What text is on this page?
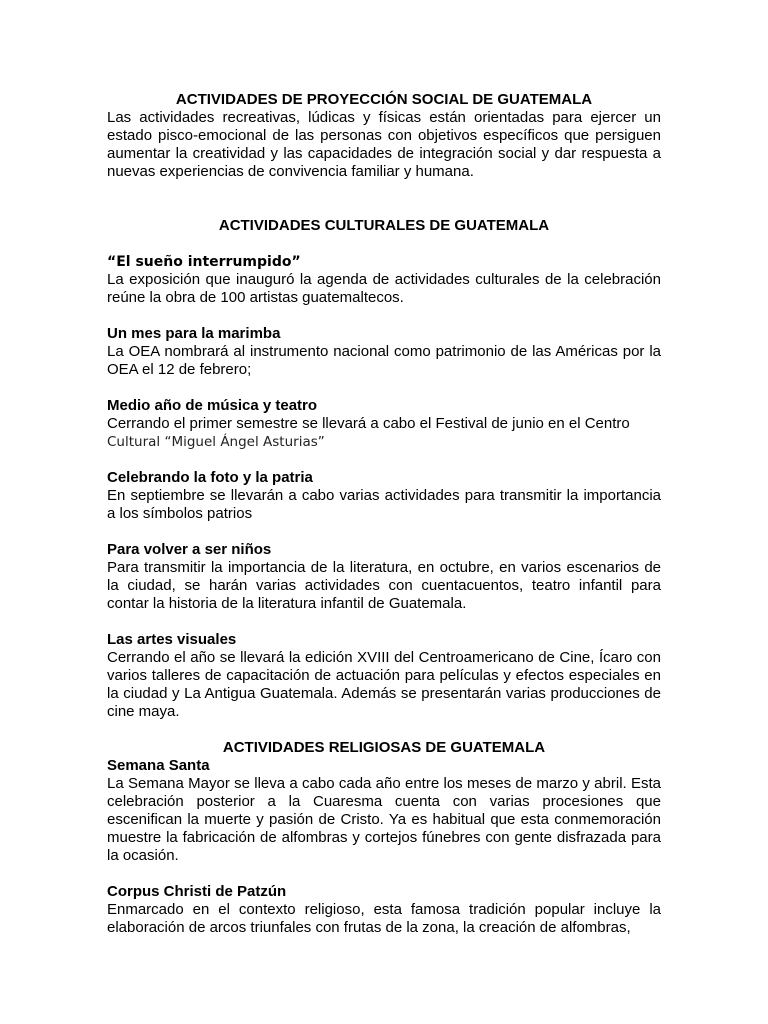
ACTIVIDADES DE PROYECCIÓN SOCIAL DE GUATEMALA

Las actividades recreativas, lúdicas y físicas están orientadas para ejercer un estado pisco-emocional de las personas con objetivos específicos que persiguen aumentar la creatividad y las capacidades de integración social y dar respuesta a nuevas experiencias de convivencia familiar y humana.

ACTIVIDADES CULTURALES DE GUATEMALA

“El sueño interrumpido”

La exposición que inauguró la agenda de actividades culturales de la celebración reúne la obra de 100 artistas guatemaltecos.

Un mes para la marimba

La OEA nombrará al instrumento nacional como patrimonio de las Américas por la OEA el 12 de febrero;

Medio año de música y teatro

Cerrando el primer semestre se llevará a cabo el Festival de junio en el Centro
Cultural “Miguel Ángel Asturias”

Celebrando la foto y la patria

En septiembre se llevarán a cabo varias actividades para transmitir la importancia a los símbolos patrios

Para volver a ser niños

Para transmitir la importancia de la literatura, en octubre, en varios escenarios de la ciudad, se harán varias actividades con cuentacuentos, teatro infantil para contar la historia de la literatura infantil de Guatemala.

Las artes visuales

Cerrando el año se llevará la edición XVIII del Centroamericano de Cine, Ícaro con varios talleres de capacitación de actuación para películas y efectos especiales en la ciudad y La Antigua Guatemala. Además se presentarán varias producciones de cine maya.

ACTIVIDADES RELIGIOSAS DE GUATEMALA

Semana Santa

La Semana Mayor se lleva a cabo cada año entre los meses de marzo y abril. Esta celebración posterior a la Cuaresma cuenta con varias procesiones que escenifican la muerte y pasión de Cristo. Ya es habitual que esta conmemoración muestre la fabricación de alfombras y cortejos fúnebres con gente disfrazada para la ocasión.

Corpus Christi de Patzún

Enmarcado en el contexto religioso, esta famosa tradición popular incluye la elaboración de arcos triunfales con frutas de la zona, la creación de alfombras,
